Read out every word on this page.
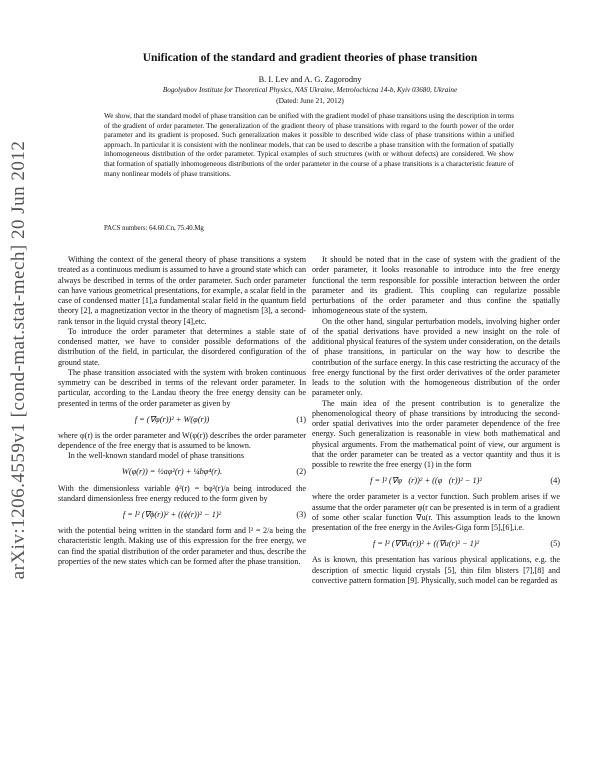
arXiv:1206.4559v1 [cond-mat.stat-mech] 20 Jun 2012
Unification of the standard and gradient theories of phase transition
B. I. Lev and A. G. Zagorodny
Bogolyubov Institute for Theoretical Physics, NAS Ukraine, Metrolochicna 14-b, Kyiv 03680, Ukraine
(Dated: June 21, 2012)

We show, that the standard model of phase transition can be unified with the gradient model of phase transitions using the description in terms of the gradient of order parameter. The generalization of the gradient theory of phase transitions with regard to the fourth power of the order parameter and its gradient is proposed. Such generalization makes it possible to described wide class of phase transitions within a unified approach. In particular it is consistent with the nonlinear models, that can be used to describe a phase transition with the formation of spatially inhomogeneous distribution of the order parameter. Typical examples of such structures (with or without defects) are considered. We show that formation of spatially inhomogeneous distributions of the order parameter in the course of a phase transitions is a characteristic feature of many nonlinear models of phase transitions.

PACS numbers: 64.60.Cn, 75.40.Mg

Withing the context of the general theory of phase transitions a system treated as a continuous medium is assumed to have a ground state which can always be described in terms of the order parameter. Such order parameter can have various geometrical presentations, for example, a scalar field in the case of condensed matter [1],a fundamental scalar field in the quantum field theory [2], a magnetization vector in the theory of magnetism [3], a second-rank tensor in the liquid crystal theory [4],etc.

To introduce the order parameter that determines a stable state of condensed matter, we have to consider possible deformations of the distribution of the field, in particular, the disordered configuration of the ground state.

The phase transition associated with the system with broken continuous symmetry can be described in terms of the relevant order parameter. In particular, according to the Landau theory the free energy density can be presented in terms of the order parameter as given by

f = (∇φ(r))² + W(φ(r))	(1)

where φ(r) is the order parameter and W(φ(r)) describes the order parameter dependence of the free energy that is assumed to be known.

In the well-known standard model of phase transitions

W(φ(r)) = ½aφ²(r) + ¼bφ⁴(r).	(2)

With the dimensionless variable ϕ²(r) = bφ²(r)/a being introduced the standard dimensionless free energy reduced to the form given by

f = l² (∇ϕ(r))² + ((ϕ(r))² − 1)²	(3)

with the potential being written in the standard form and l² = 2/a being the characteristic length. Making use of this expression for the free energy, we can find the spatial distribution of the order parameter and thus, describe the properties of the new states which can be formed after the phase transition.

It should be noted that in the case of system with the gradient of the order parameter, it looks reasonable to introduce into the free energy functional the term responsible for possible interaction between the order parameter and its gradient. This coupling can regularize possible perturbations of the order parameter and thus confine the spatially inhomogeneous state of the system.

On the other hand, singular perturbation models, involving higher order of the spatial derivations have provided a new insight on the role of additional physical features of the system under consideration, on the details of phase transitions, in particular on the way how to describe the contribution of the surface energy. In this case restricting the accuracy of the free energy functional by the first order derivatives of the order parameter leads to the solution with the homogeneous distribution of the order parameter only.

The main idea of the present contribution is to generalize the phenomenological theory of phase transitions by introducing the second-order spatial derivatives into the order parameter dependence of the free energy. Such generalization is reasonable in view both mathematical and physical arguments. From the mathematical point of view, our argument is that the order parameter can be treated as a vector quantity and thus it is possible to rewrite the free energy (1) in the form

f = l² (∇φ⃗(r))² + ((φ⃗(r))² − 1)²	(4)

where the order parameter is a vector function. Such problem arises if we assume that the order parameter φ(r can be presented is in term of a gradient of some other scalar function ∇u(r. This assumption leads to the known presentation of the free energy in the Aviles-Giga form [5],[6],i.e.

f = l² (∇∇u(r))² + ((∇u(r)² − 1)²	(5)

As is known, this presentation has various physical applications, e.g. the description of smectic liquid crystals [5], thin film blisters [7],[8] and convective pattern formation [9]. Physically, such model can be regarded as
